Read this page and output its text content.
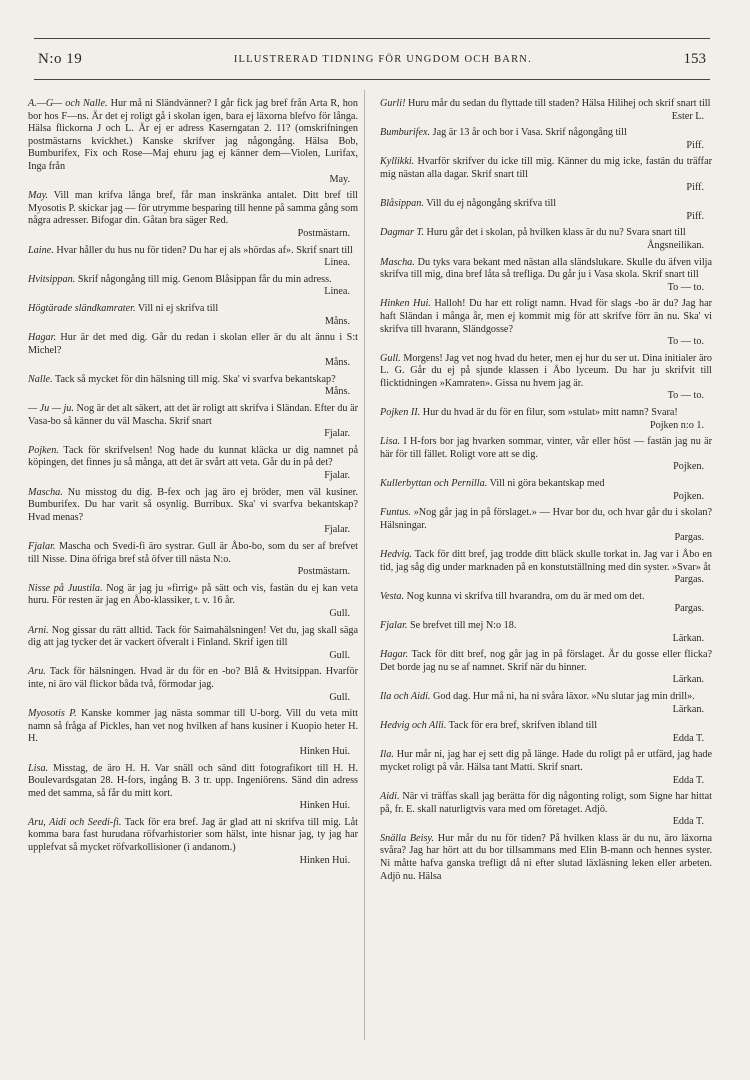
N:o 19	ILLUSTRERAD TIDNING FÖR UNGDOM OCH BARN.	153

A.—G— och Nalle. Hur må ni Sländvänner? I går fick jag bref från Arta R, hon bor hos F—ns. Är det ej roligt gå i skolan igen, bara ej läxorna blefvo för långa. Hälsa flickorna J och L. Är ej er adress Kaserngatan 2. 11? (omskrifningen postmästarns kvickhet.) Kanske skrifver jag någongång. Hälsa Bob, Bumburifex, Fix och Rose—Maj ehuru jag ej känner dem—Violen, Lurifax, Inga från
May.

May. Vill man krifva långa bref, får man inskränka antalet. Ditt bref till Myosotis P. skickar jag — för utrymme besparing till henne på samma gång som några adresser. Bifogar din. Gåtan bra säger Red.
Postmästarn.

Laine. Hvar håller du hus nu för tiden? Du har ej als »hördas af». Skrif snart till
Linea.

Hvitsippan. Skrif någongång till mig. Genom Blåsippan får du min adress.
Linea.

Högtärade sländkamrater. Vill ni ej skrifva till
Måns.

Hagar. Hur är det med dig. Går du redan i skolan eller är du alt ännu i S:t Michel?
Måns.

Nalle. Tack så mycket för din hälsning till mig. Ska' vi svarfva bekantskap?
Måns.

— Ju — ju. Nog är det alt säkert, att det är roligt att skrifva i Sländan. Efter du är Vasa-bo så känner du väl Mascha. Skrif snart
Fjalar.

Pojken. Tack för skrifvelsen! Nog hade du kunnat kläcka ur dig namnet på köpingen, det finnes ju så många, att det är svårt att veta. Går du in på det?
Fjalar.

Mascha. Nu misstog du dig. B-fex och jag äro ej bröder, men väl kusiner. Bumburifex. Du har varit så osynlig. Burribux. Ska' vi svarfva bekantskap? Hvad menas?
Fjalar.

Fjalar. Mascha och Svedi-fi äro systrar. Gull är Åbo-bo, som du ser af brefvet till Nisse. Dina öfriga bref stå öfver till nästa N:o.
Postmästarn.

Nisse på Juustila. Nog är jag ju »firrig» på sätt och vis, fastän du ej kan veta huru. För resten är jag en Åbo-klassiker, t. v. 16 år.
Gull.

Arni. Nog gissar du rätt alltid. Tack för Saimahälsningen! Vet du, jag skall säga dig att jag tycker det är vackert öfveralt i Finland. Skrif igen till
Gull.

Aru. Tack för hälsningen. Hvad är du för en -bo? Blå & Hvitsippan. Hvarför inte, ni äro väl flickor båda två, förmodar jag.
Gull.

Myosotis P. Kanske kommer jag nästa sommar till U-borg. Vill du veta mitt namn så fråga af Pickles, han vet nog hvilken af hans kusiner i Kuopio heter H. H.
Hinken Hui.

Lisa. Misstag, de äro H. H. Var snäll och sänd ditt fotografikort till H. H. Boulevardsgatan 28. H-fors, ingång B. 3 tr. upp. Ingeniörens. Sänd din adress med det samma, så får du mitt kort.
Hinken Hui.

Aru, Aidi och Seedi-fi. Tack för era bref. Jag är glad att ni skrifva till mig. Låt komma bara fast hurudana röfvarhistorier som hälst, inte hisnar jag, ty jag har upplefvat så mycket röfvarkollisioner (i andanom.)
Hinken Hui.

Gurli! Huru mår du sedan du flyttade till staden? Hälsa Hilihej och skrif snart till
Ester L.

Bumburifex. Jag är 13 år och bor i Vasa. Skrif någongång till
Piff.

Kyllikki. Hvarför skrifver du icke till mig. Känner du mig icke, fastän du träffar mig nästan alla dagar. Skrif snart till
Piff.

Blåsippan. Vill du ej någongång skrifva till
Piff.

Dagmar T. Huru går det i skolan, på hvilken klass är du nu? Svara snart till
Ångsneilikan.

Mascha. Du tyks vara bekant med nästan alla sländslukare. Skulle du äfven vilja skrifva till mig, dina bref låta så trefliga. Du går ju i Vasa skola. Skrif snart till
To — to.

Hinken Hui. Halloh! Du har ett roligt namn. Hvad för slags -bo är du? Jag har haft Sländan i många år, men ej kommit mig för att skrifve förr än nu. Ska' vi skrifva till hvarann, Sländgosse?
To — to.

Gull. Morgens! Jag vet nog hvad du heter, men ej hur du ser ut. Dina initialer äro L. G. Går du ej på sjunde klassen i Åbo lyceum. Du har ju skrifvit till flicktidningen »Kamraten». Gissa nu hvem jag är.
To — to.

Pojken II. Hur du hvad är du för en filur, som »stulat» mitt namn? Svara!
Pojken n:o 1.

Lisa. I H-fors bor jag hvarken sommar, vinter, vår eller höst — fastän jag nu är här för till fället. Roligt vore att se dig.
Pojken.

Kullerbyttan och Pernilla. Vill ni göra bekantskap med
Pojken.

Funtus. »Nog går jag in på förslaget.» — Hvar bor du, och hvar går du i skolan? Hälsningar.
Pargas.

Hedvig. Tack för ditt bref, jag trodde ditt bläck skulle torkat in. Jag var i Åbo en tid, jag såg dig under marknaden på en konstutställning med din syster. »Svar» åt
Pargas.

Vesta. Nog kunna vi skrifva till hvarandra, om du är med om det.
Pargas.

Fjalar. Se brefvet till mej N:o 18.
Lärkan.

Hagar. Tack för ditt bref, nog går jag in på förslaget. Är du gosse eller flicka? Det borde jag nu se af namnet. Skrif när du hinner.
Lärkan.

Ila och Aidi. God dag. Hur må ni, ha ni svåra läxor. »Nu slutar jag min drill».
Lärkan.

Hedvig och Alli. Tack för era bref, skrifven ibland till
Edda T.

Ila. Hur mår ni, jag har ej sett dig på länge. Hade du roligt på er utfärd, jag hade mycket roligt på vår. Hälsa tant Matti. Skrif snart.
Edda T.

Aidi. När vi träffas skall jag berätta för dig någonting roligt, som Signe har hittat på, fr. E. skall naturligtvis vara med om företaget. Adjö.
Edda T.

Snälla Beisy. Hur mår du nu för tiden? På hvilken klass är du nu, äro läxorna svåra? Jag har hört att du bor tillsammans med Elin B-mann och hennes syster. Ni måtte hafva ganska trefligt då ni efter slutad läxläsning leken eller arbeten. Adjö nu. Hälsa
